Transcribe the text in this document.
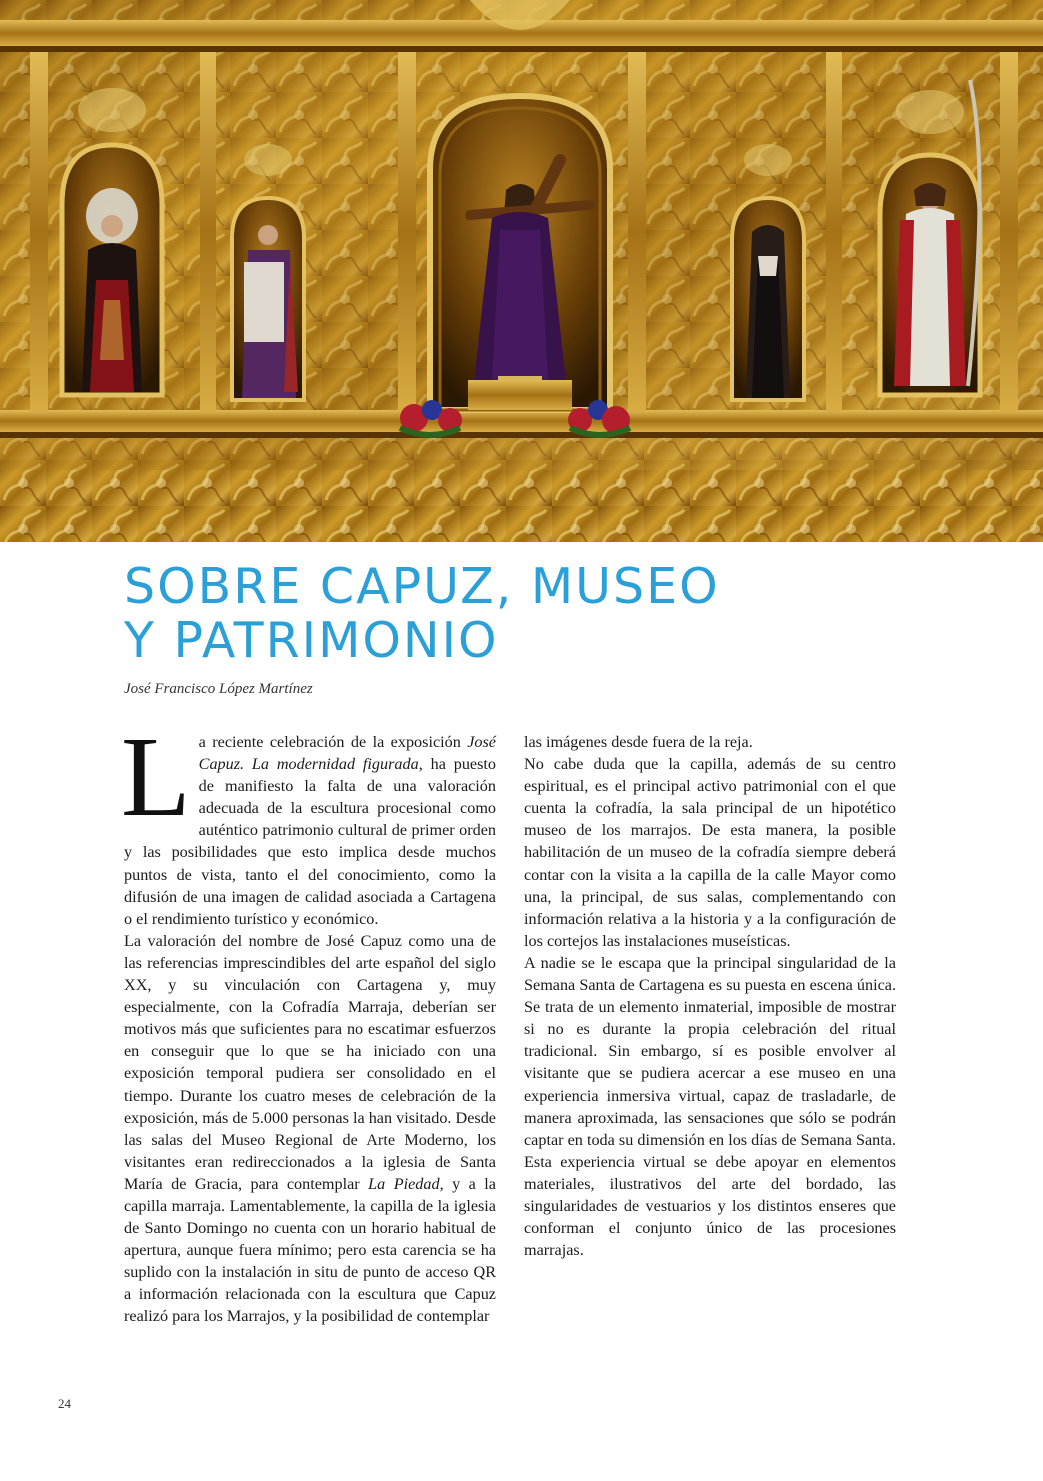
SOBRE CAPUZ, MUSEO
Y PATRIMONIO
José Francisco López Martínez

La reciente celebración de la exposición José Capuz. La modernidad figurada, ha puesto de manifiesto la falta de una valoración adecuada de la escultura procesional como auténtico patrimonio cultural de primer orden y las posibilidades que esto implica desde muchos puntos de vista, tanto el del conocimiento, como la difusión de una imagen de calidad asociada a Cartagena o el rendimiento turístico y económico.

La valoración del nombre de José Capuz como una de las referencias imprescindibles del arte español del siglo XX, y su vinculación con Cartagena y, muy especialmente, con la Cofradía Marraja, deberían ser motivos más que suficientes para no escatimar esfuerzos en conseguir que lo que se ha iniciado con una exposición temporal pudiera ser consolidado en el tiempo. Durante los cuatro meses de celebración de la exposición, más de 5.000 personas la han visitado. Desde las salas del Museo Regional de Arte Moderno, los visitantes eran redireccionados a la iglesia de Santa María de Gracia, para contemplar La Piedad, y a la capilla marraja. Lamentablemente, la capilla de la iglesia de Santo Domingo no cuenta con un horario habitual de apertura, aunque fuera mínimo; pero esta carencia se ha suplido con la instalación in situ de punto de acceso QR a información relacionada con la escultura que Capuz realizó para los Marrajos, y la posibilidad de contemplar

las imágenes desde fuera de la reja.

No cabe duda que la capilla, además de su centro espiritual, es el principal activo patrimonial con el que cuenta la cofradía, la sala principal de un hipotético museo de los marrajos. De esta manera, la posible habilitación de un museo de la cofradía siempre deberá contar con la visita a la capilla de la calle Mayor como una, la principal, de sus salas, complementando con información relativa a la historia y a la configuración de los cortejos las instalaciones museísticas.

A nadie se le escapa que la principal singularidad de la Semana Santa de Cartagena es su puesta en escena única. Se trata de un elemento inmaterial, imposible de mostrar si no es durante la propia celebración del ritual tradicional. Sin embargo, sí es posible envolver al visitante que se pudiera acercar a ese museo en una experiencia inmersiva virtual, capaz de trasladarle, de manera aproximada, las sensaciones que sólo se podrán captar en toda su dimensión en los días de Semana Santa. Esta experiencia virtual se debe apoyar en elementos materiales, ilustrativos del arte del bordado, las singularidades de vestuarios y los distintos enseres que conforman el conjunto único de las procesiones marrajas.

24
